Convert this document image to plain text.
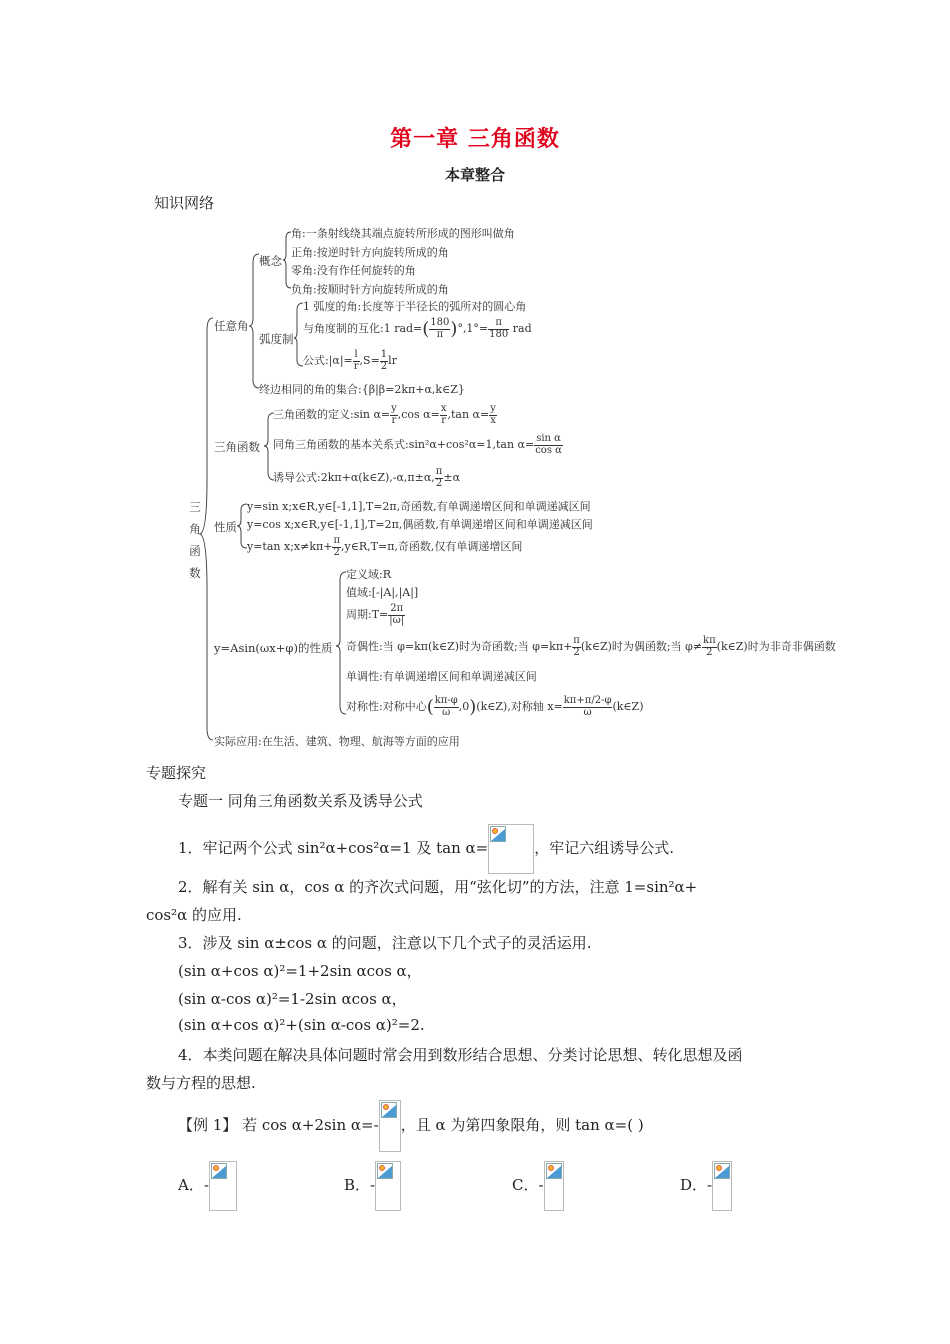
第一章 三角函数
本章整合
知识网络
三
角
函
数
任意角
概念
角:一条射线绕其端点旋转所形成的图形叫做角
正角:按逆时针方向旋转所成的角
零角:没有作任何旋转的角
负角:按顺时针方向旋转所成的角
弧度制
1 弧度的角:长度等于半径长的弧所对的圆心角
与角度制的互化:1 $rad=( \frac{180}{\pi} )^\circ,1^\circ= \frac{\pi}{180}$ rad
公式:|α|= $\frac{l}{r} ,S= \frac{1}{2}$ lr
终边相同的角的集合:{β|β=2kπ+α,k∈Z}
三角函数
三角函数的定义:sin $\alpha= \frac{y}{r} ,\cos$ $\alpha= \frac{x}{r} ,\tan$ $\alpha= \frac{y}{x}$
同角三角函数的基本关系式:sin²α+cos²α=1,tan $\alpha= \frac{\text{sin α}}{\text{cos α}}$
诱导公式:2kπ+α(k∈Z),-α,π±α, $\frac{\pi}{2} \pm\alpha$
性质
y=sin x;x∈R,y∈[-1,1],T=2π,奇函数,有单调递增区间和单调递减区间
y=cos x;x∈R,y∈[-1,1],T=2π,偶函数,有单调递增区间和单调递减区间
y=tan x;x≠kπ+ $\frac{\pi}{2}$ ,y∈R,T=π,奇函数,仅有单调递增区间
y=Asin(ωx+φ)的性质
定义域:R
值域:[-|A|,|A|]
周期:T= $\frac{2\pi}{|\omega|}$
奇偶性:当 φ=kπ(k∈Z)时为奇函数;当 $\varphi=k\pi+ \frac{\pi}{2}$ (k∈Z)时为偶函数;当 $\varphi\ne \frac{k\pi}{2}$ (k∈Z)时为非奇非偶函数
单调性:有单调递增区间和单调递减区间
对称性:对称中心( $\frac{k\pi-\varphi}{\omega}$ ,0)(k∈Z),对称轴 $x= \frac{k\pi+\pi/2-\varphi}{\omega}$ (k∈Z)
实际应用:在生活、建筑、物理、航海等方面的应用
专题探究
专题一 同角三角函数关系及诱导公式
1．牢记两个公式 sin²α+cos²α=1 及 tan α=	，牢记六组诱导公式.
2．解有关 sin α，cos α 的齐次式问题，用“弦化切”的方法，注意 1=sin²α+
cos²α 的应用.
3．涉及 sin α±cos α 的问题，注意以下几个式子的灵活运用.
(sin α+cos α)²=1+2sin αcos α，
(sin α-cos α)²=1-2sin αcos α，
(sin α+cos α)²+(sin α-cos α)²=2.
4．本类问题在解决具体问题时常会用到数形结合思想、分类讨论思想、转化思想及函
数与方程的思想.
【例 1】 若 cos α+2sin α=- ，且 α 为第四象限角，则 tan α=( )
A．-	B．-	C．-	D．-
